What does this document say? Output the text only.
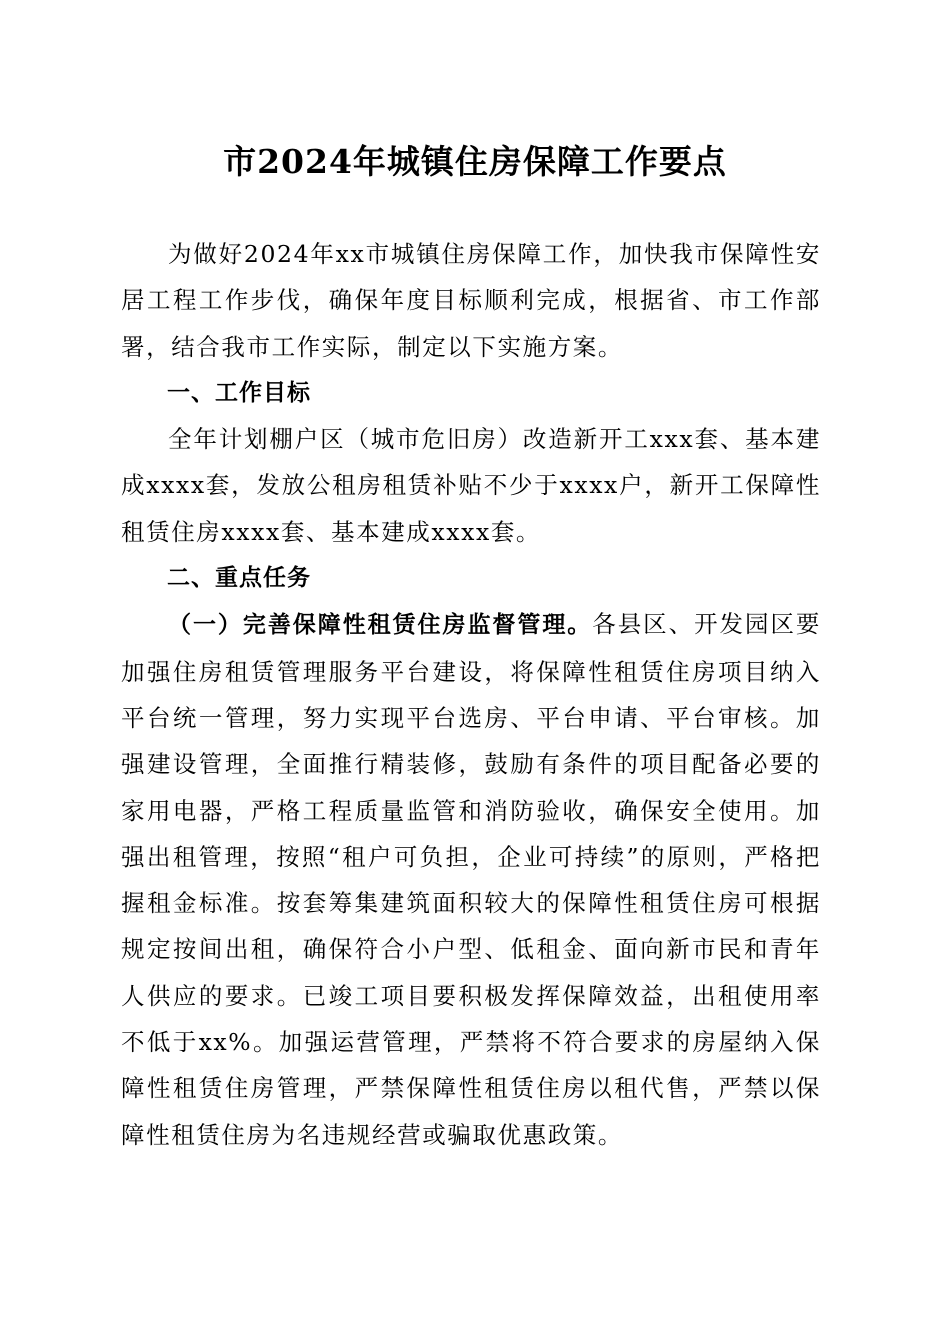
市2024年城镇住房保障工作要点

为做好2024年xx市城镇住房保障工作，加快我市保障性安居工程工作步伐，确保年度目标顺利完成，根据省、市工作部署，结合我市工作实际，制定以下实施方案。

一、工作目标

全年计划棚户区（城市危旧房）改造新开工xxx套、基本建成xxxx套，发放公租房租赁补贴不少于xxxx户，新开工保障性租赁住房xxxx套、基本建成xxxx套。

二、重点任务

（一）完善保障性租赁住房监督管理。各县区、开发园区要加强住房租赁管理服务平台建设，将保障性租赁住房项目纳入平台统一管理，努力实现平台选房、平台申请、平台审核。加强建设管理，全面推行精装修，鼓励有条件的项目配备必要的家用电器，严格工程质量监管和消防验收，确保安全使用。加强出租管理，按照“租户可负担，企业可持续”的原则，严格把握租金标准。按套筹集建筑面积较大的保障性租赁住房可根据规定按间出租，确保符合小户型、低租金、面向新市民和青年人供应的要求。已竣工项目要积极发挥保障效益，出租使用率不低于xx%。加强运营管理，严禁将不符合要求的房屋纳入保障性租赁住房管理，严禁保障性租赁住房以租代售，严禁以保障性租赁住房为名违规经营或骗取优惠政策。
